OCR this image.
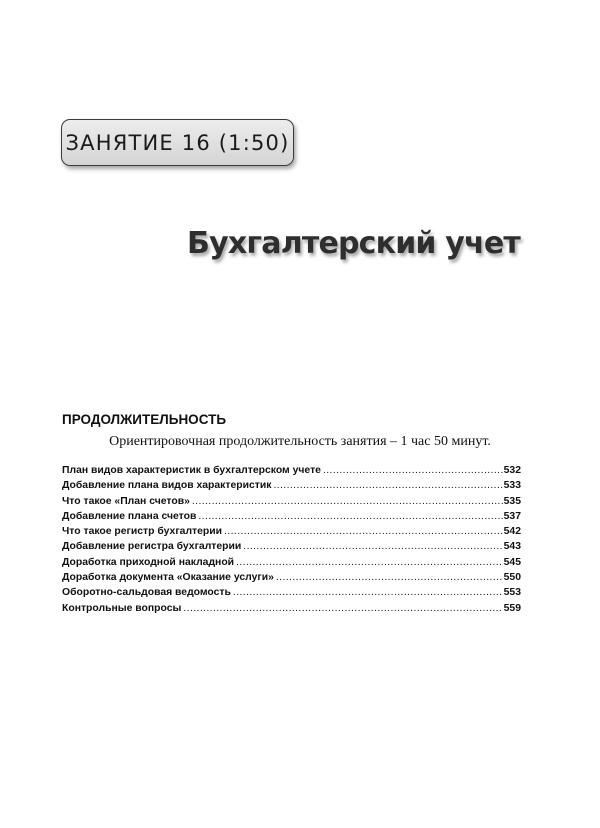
ЗАНЯТИЕ 16 (1:50)
Бухгалтерский учет
ПРОДОЛЖИТЕЛЬНОСТЬ

Ориентировочная продолжительность занятия – 1 час 50 минут.

План видов характеристик в бухгалтерском учете .....	532
Добавление плана видов характеристик .....	533
Что такое «План счетов» .....	535
Добавление плана счетов .....	537
Что такое регистр бухгалтерии .....	542
Добавление регистра бухгалтерии .....	543
Доработка приходной накладной .....	545
Доработка документа «Оказание услуги» .....	550
Оборотно-сальдовая ведомость .....	553
Контрольные вопросы .....	559
